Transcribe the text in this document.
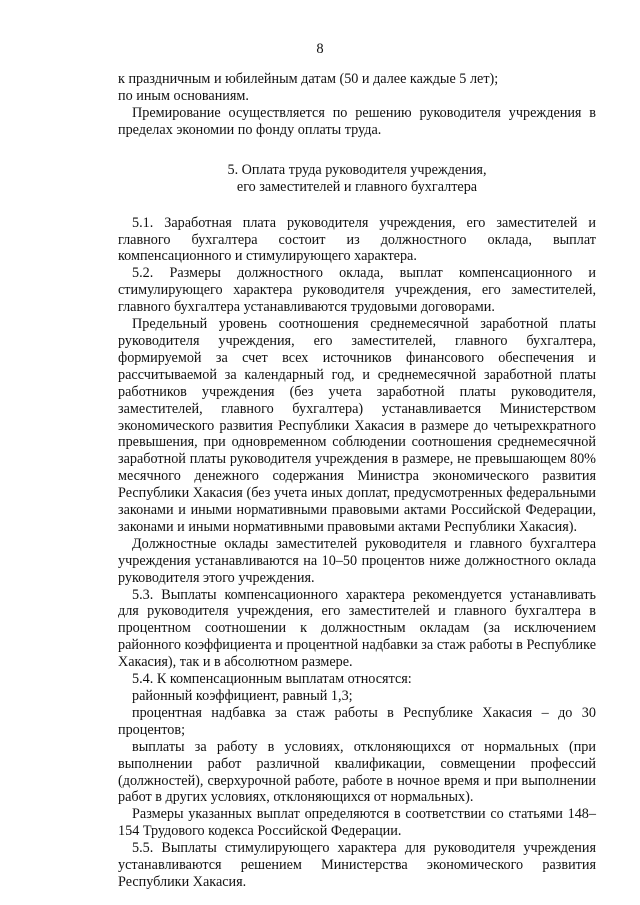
8

к праздничным и юбилейным датам (50 и далее каждые 5 лет);

по иным основаниям.

Премирование осуществляется по решению руководителя учреждения в пределах экономии по фонду оплаты труда.

5. Оплата труда руководителя учреждения,
его заместителей и главного бухгалтера

5.1. Заработная плата руководителя учреждения, его заместителей и главного бухгалтера состоит из должностного оклада, выплат компенсационного и стимулирующего характера.

5.2. Размеры должностного оклада, выплат компенсационного и стимулирующего характера руководителя учреждения, его заместителей, главного бухгалтера устанавливаются трудовыми договорами.

Предельный уровень соотношения среднемесячной заработной платы руководителя учреждения, его заместителей, главного бухгалтера, формируемой за счет всех источников финансового обеспечения и рассчитываемой за календарный год, и среднемесячной заработной платы работников учреждения (без учета заработной платы руководителя, заместителей, главного бухгалтера) устанавливается Министерством экономического развития Республики Хакасия в размере до четырехкратного превышения, при одновременном соблюдении соотношения среднемесячной заработной платы руководителя учреждения в размере, не превышающем 80% месячного денежного содержания Министра экономического развития Республики Хакасия (без учета иных доплат, предусмотренных федеральными законами и иными нормативными правовыми актами Российской Федерации, законами и иными нормативными правовыми актами Республики Хакасия).

Должностные оклады заместителей руководителя и главного бухгалтера учреждения устанавливаются на 10–50 процентов ниже должностного оклада руководителя этого учреждения.

5.3. Выплаты компенсационного характера рекомендуется устанавливать для руководителя учреждения, его заместителей и главного бухгалтера в процентном соотношении к должностным окладам (за исключением районного коэффициента и процентной надбавки за стаж работы в Республике Хакасия), так и в абсолютном размере.

5.4. К компенсационным выплатам относятся:

районный коэффициент, равный 1,3;

процентная надбавка за стаж работы в Республике Хакасия – до 30 процентов;

выплаты за работу в условиях, отклоняющихся от нормальных (при выполнении работ различной квалификации, совмещении профессий (должностей), сверхурочной работе, работе в ночное время и при выполнении работ в других условиях, отклоняющихся от нормальных).

Размеры указанных выплат определяются в соответствии со статьями 148–154 Трудового кодекса Российской Федерации.

5.5. Выплаты стимулирующего характера для руководителя учреждения устанавливаются решением Министерства экономического развития Республики Хакасия.
